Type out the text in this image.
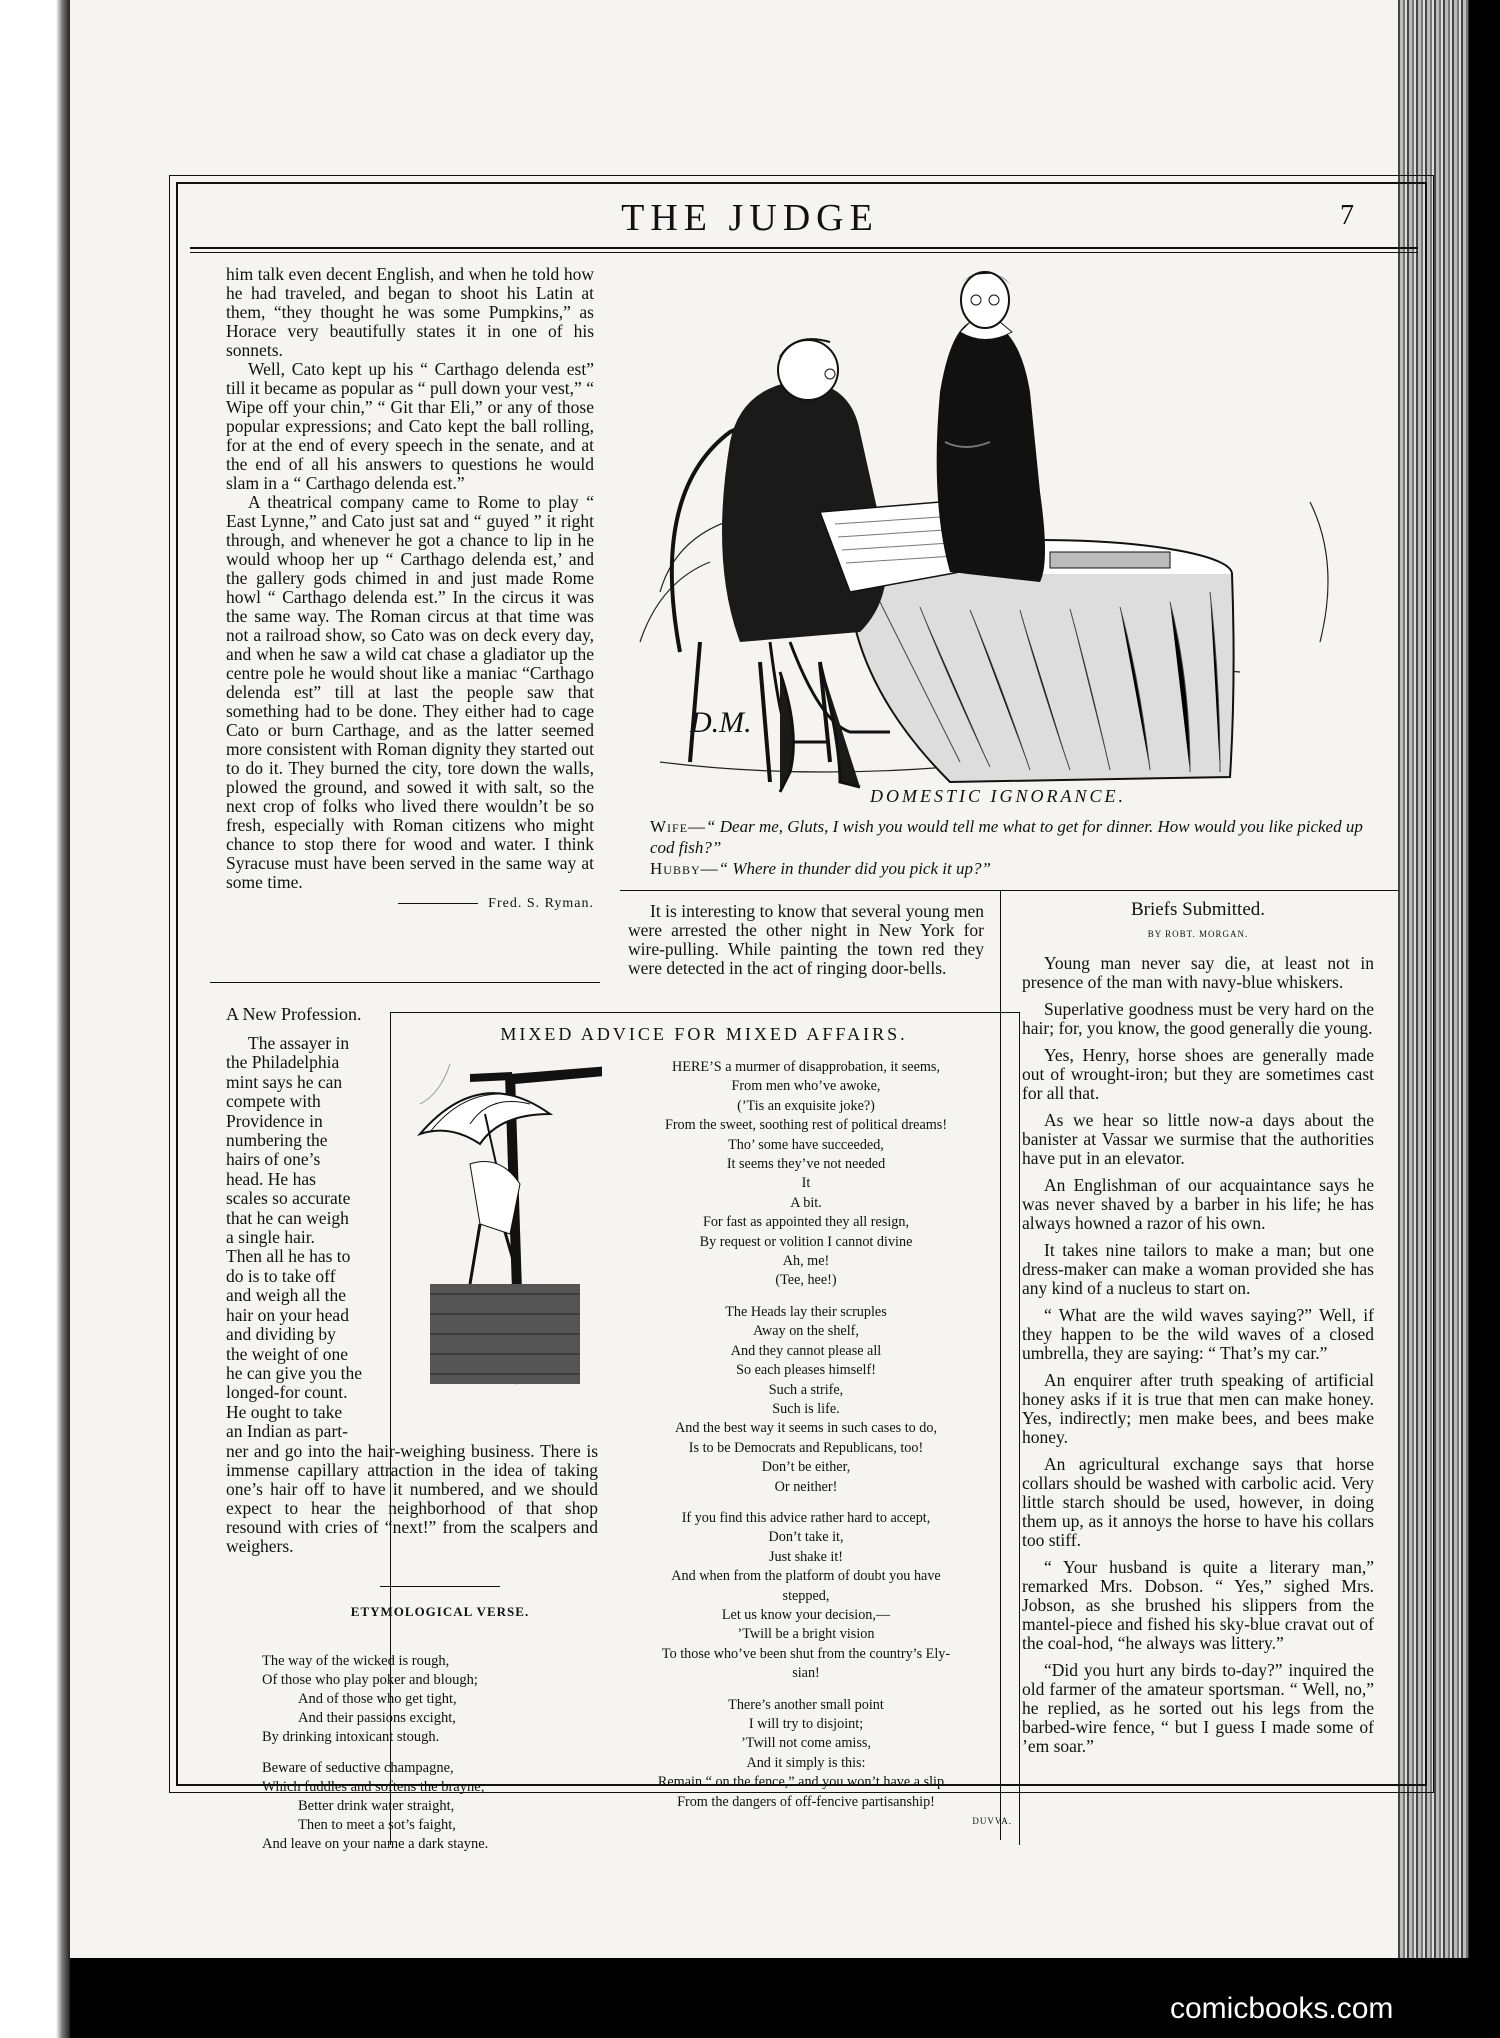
THE JUDGE	7

him talk even decent English, and when he told how he had traveled, and began to shoot his Latin at them, “they thought he was some Pumpkins,” as Horace very beautifully states it in one of his sonnets.

Well, Cato kept up his “ Carthago delenda est” till it became as popular as “ pull down your vest,” “ Wipe off your chin,” “ Git thar Eli,” or any of those popular expressions; and Cato kept the ball rolling, for at the end of every speech in the senate, and at the end of all his answers to questions he would slam in a “ Carthago delenda est.”

A theatrical company came to Rome to play “ East Lynne,” and Cato just sat and “ guyed ” it right through, and whenever he got a chance to lip in he would whoop her up “ Carthago delenda est,’ and the gallery gods chimed in and just made Rome howl “ Carthago delenda est.” In the circus it was the same way. The Roman circus at that time was not a railroad show, so Cato was on deck every day, and when he saw a wild cat chase a gladiator up the centre pole he would shout like a maniac “Carthago delenda est” till at last the people saw that something had to be done. They either had to cage Cato or burn Carthage, and as the latter seemed more consistent with Roman dignity they started out to do it. They burned the city, tore down the walls, plowed the ground, and sowed it with salt, so the next crop of folks who lived there wouldn’t be so fresh, especially with Roman citizens who might chance to stop there for wood and water. I think Syracuse must have been served in the same way at some time.

Fred. S. Ryman.
D.M.
DOMESTIC IGNORANCE.
Wife—“ Dear me, Gluts, I wish you would tell me what to get for dinner. How would you like picked up cod fish?”
Hubby—“ Where in thunder did you pick it up?”

It is interesting to know that several young men were arrested the other night in New York for wire-pulling. While painting the town red they were detected in the act of ringing door-bells.

A New Profession.
The assayer in
the Philadelphia
mint says he can
compete with
Providence in
numbering the
hairs of one’s
head. He has
scales so accurate
that he can weigh
a single hair.
Then all he has to
do is to take off
and weigh all the
hair on your head
and dividing by
the weight of one
he can give you the
longed-for count.
He ought to take
an Indian as part-

ner and go into the hair-weighing business. There is immense capillary attraction in the idea of taking one’s hair off to have it numbered, and we should expect to hear the neighborhood of that shop resound with cries of “next!” from the scalpers and weighers.

ETYMOLOGICAL VERSE.
The way of the wicked is rough,
Of those who play poker and blough;
And of those who get tight,
And their passions excight,
By drinking intoxicant stough.
Beware of seductive champagne,
Which fuddles and softens the brayne;
Better drink water straight,
Then to meet a sot’s faight,
And leave on your name a dark stayne.
MIXED ADVICE FOR MIXED AFFAIRS.
HERE’S a murmer of disapprobation, it seems,
From men who’ve awoke,
(’Tis an exquisite joke?)
From the sweet, soothing rest of political dreams!
Tho’ some have succeeded,
It seems they’ve not needed
It
A bit.
For fast as appointed they all resign,
By request or volition I cannot divine
Ah, me!
(Tee, hee!)
The Heads lay their scruples
Away on the shelf,
And they cannot please all
So each pleases himself!
Such a strife,
Such is life.
And the best way it seems in such cases to do,
Is to be Democrats and Republicans, too!
Don’t be either,
Or neither!
If you find this advice rather hard to accept,
Don’t take it,
Just shake it!
And when from the platform of doubt you have
stepped,
Let us know your decision,—
’Twill be a bright vision
To those who’ve been shut from the country’s Ely-
sian!
There’s another small point
I will try to disjoint;
’Twill not come amiss,
And it simply is this:
Remain “ on the fence,” and you won’t have a slip
From the dangers of off-fencive partisanship!
DUVVA.
Briefs Submitted.
BY ROBT. MORGAN.

Young man never say die, at least not in presence of the man with navy-blue whiskers.

Superlative goodness must be very hard on the hair; for, you know, the good generally die young.

Yes, Henry, horse shoes are generally made out of wrought-iron; but they are sometimes cast for all that.

As we hear so little now-a days about the banister at Vassar we surmise that the authorities have put in an elevator.

An Englishman of our acquaintance says he was never shaved by a barber in his life; he has always howned a razor of his own.

It takes nine tailors to make a man; but one dress-maker can make a woman provided she has any kind of a nucleus to start on.

“ What are the wild waves saying?” Well, if they happen to be the wild waves of a closed umbrella, they are saying: “ That’s my car.”

An enquirer after truth speaking of artificial honey asks if it is true that men can make honey. Yes, indirectly; men make bees, and bees make honey.

An agricultural exchange says that horse collars should be washed with carbolic acid. Very little starch should be used, however, in doing them up, as it annoys the horse to have his collars too stiff.

“ Your husband is quite a literary man,” remarked Mrs. Dobson. “ Yes,” sighed Mrs. Jobson, as she brushed his slippers from the mantel-piece and fished his sky-blue cravat out of the coal-hod, “he always was littery.”

“Did you hurt any birds to-day?” inquired the old farmer of the amateur sportsman. “ Well, no,” he replied, as he sorted out his legs from the barbed-wire fence, “ but I guess I made some of ’em soar.”

comicbooks.com
